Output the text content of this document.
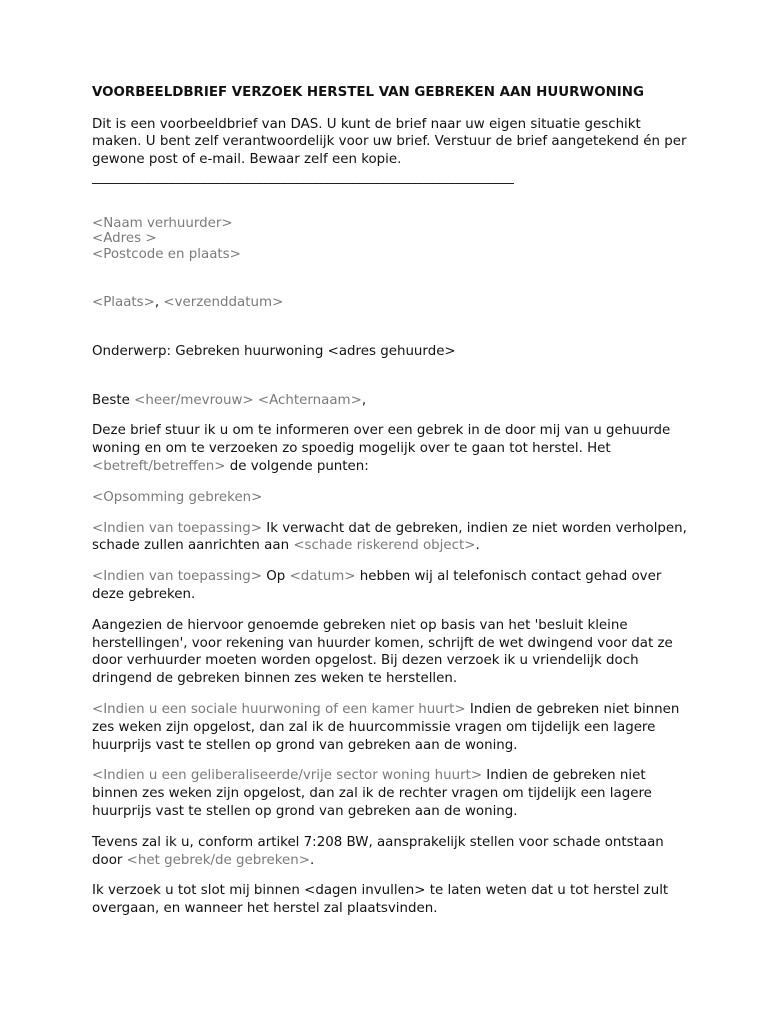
VOORBEELDBRIEF VERZOEK HERSTEL VAN GEBREKEN AAN HUURWONING

Dit is een voorbeeldbrief van DAS. U kunt de brief naar uw eigen situatie geschikt maken. U bent zelf verantwoordelijk voor uw brief. Verstuur de brief aangetekend én per gewone post of e-mail. Bewaar zelf een kopie.

____________________________________________________________________

<Naam verhuurder>

<Adres >

<Postcode en plaats>

<Plaats>, <verzenddatum>

Onderwerp: Gebreken huurwoning <adres gehuurde>

Beste <heer/mevrouw> <Achternaam>,

Deze brief stuur ik u om te informeren over een gebrek in de door mij van u gehuurde woning en om te verzoeken zo spoedig mogelijk over te gaan tot herstel. Het <betreft/betreffen> de volgende punten:

<Opsomming gebreken>

<Indien van toepassing> Ik verwacht dat de gebreken, indien ze niet worden verholpen, schade zullen aanrichten aan <schade riskerend object>.

<Indien van toepassing> Op <datum> hebben wij al telefonisch contact gehad over deze gebreken.

Aangezien de hiervoor genoemde gebreken niet op basis van het 'besluit kleine herstellingen', voor rekening van huurder komen, schrijft de wet dwingend voor dat ze door verhuurder moeten worden opgelost. Bij dezen verzoek ik u vriendelijk doch dringend de gebreken binnen zes weken te herstellen.

<Indien u een sociale huurwoning of een kamer huurt> Indien de gebreken niet binnen zes weken zijn opgelost, dan zal ik de huurcommissie vragen om tijdelijk een lagere huurprijs vast te stellen op grond van gebreken aan de woning.

<Indien u een geliberaliseerde/vrije sector woning huurt> Indien de gebreken niet binnen zes weken zijn opgelost, dan zal ik de rechter vragen om tijdelijk een lagere huurprijs vast te stellen op grond van gebreken aan de woning.

Tevens zal ik u, conform artikel 7:208 BW, aansprakelijk stellen voor schade ontstaan door <het gebrek/de gebreken>.

Ik verzoek u tot slot mij binnen <dagen invullen> te laten weten dat u tot herstel zult overgaan, en wanneer het herstel zal plaatsvinden.
